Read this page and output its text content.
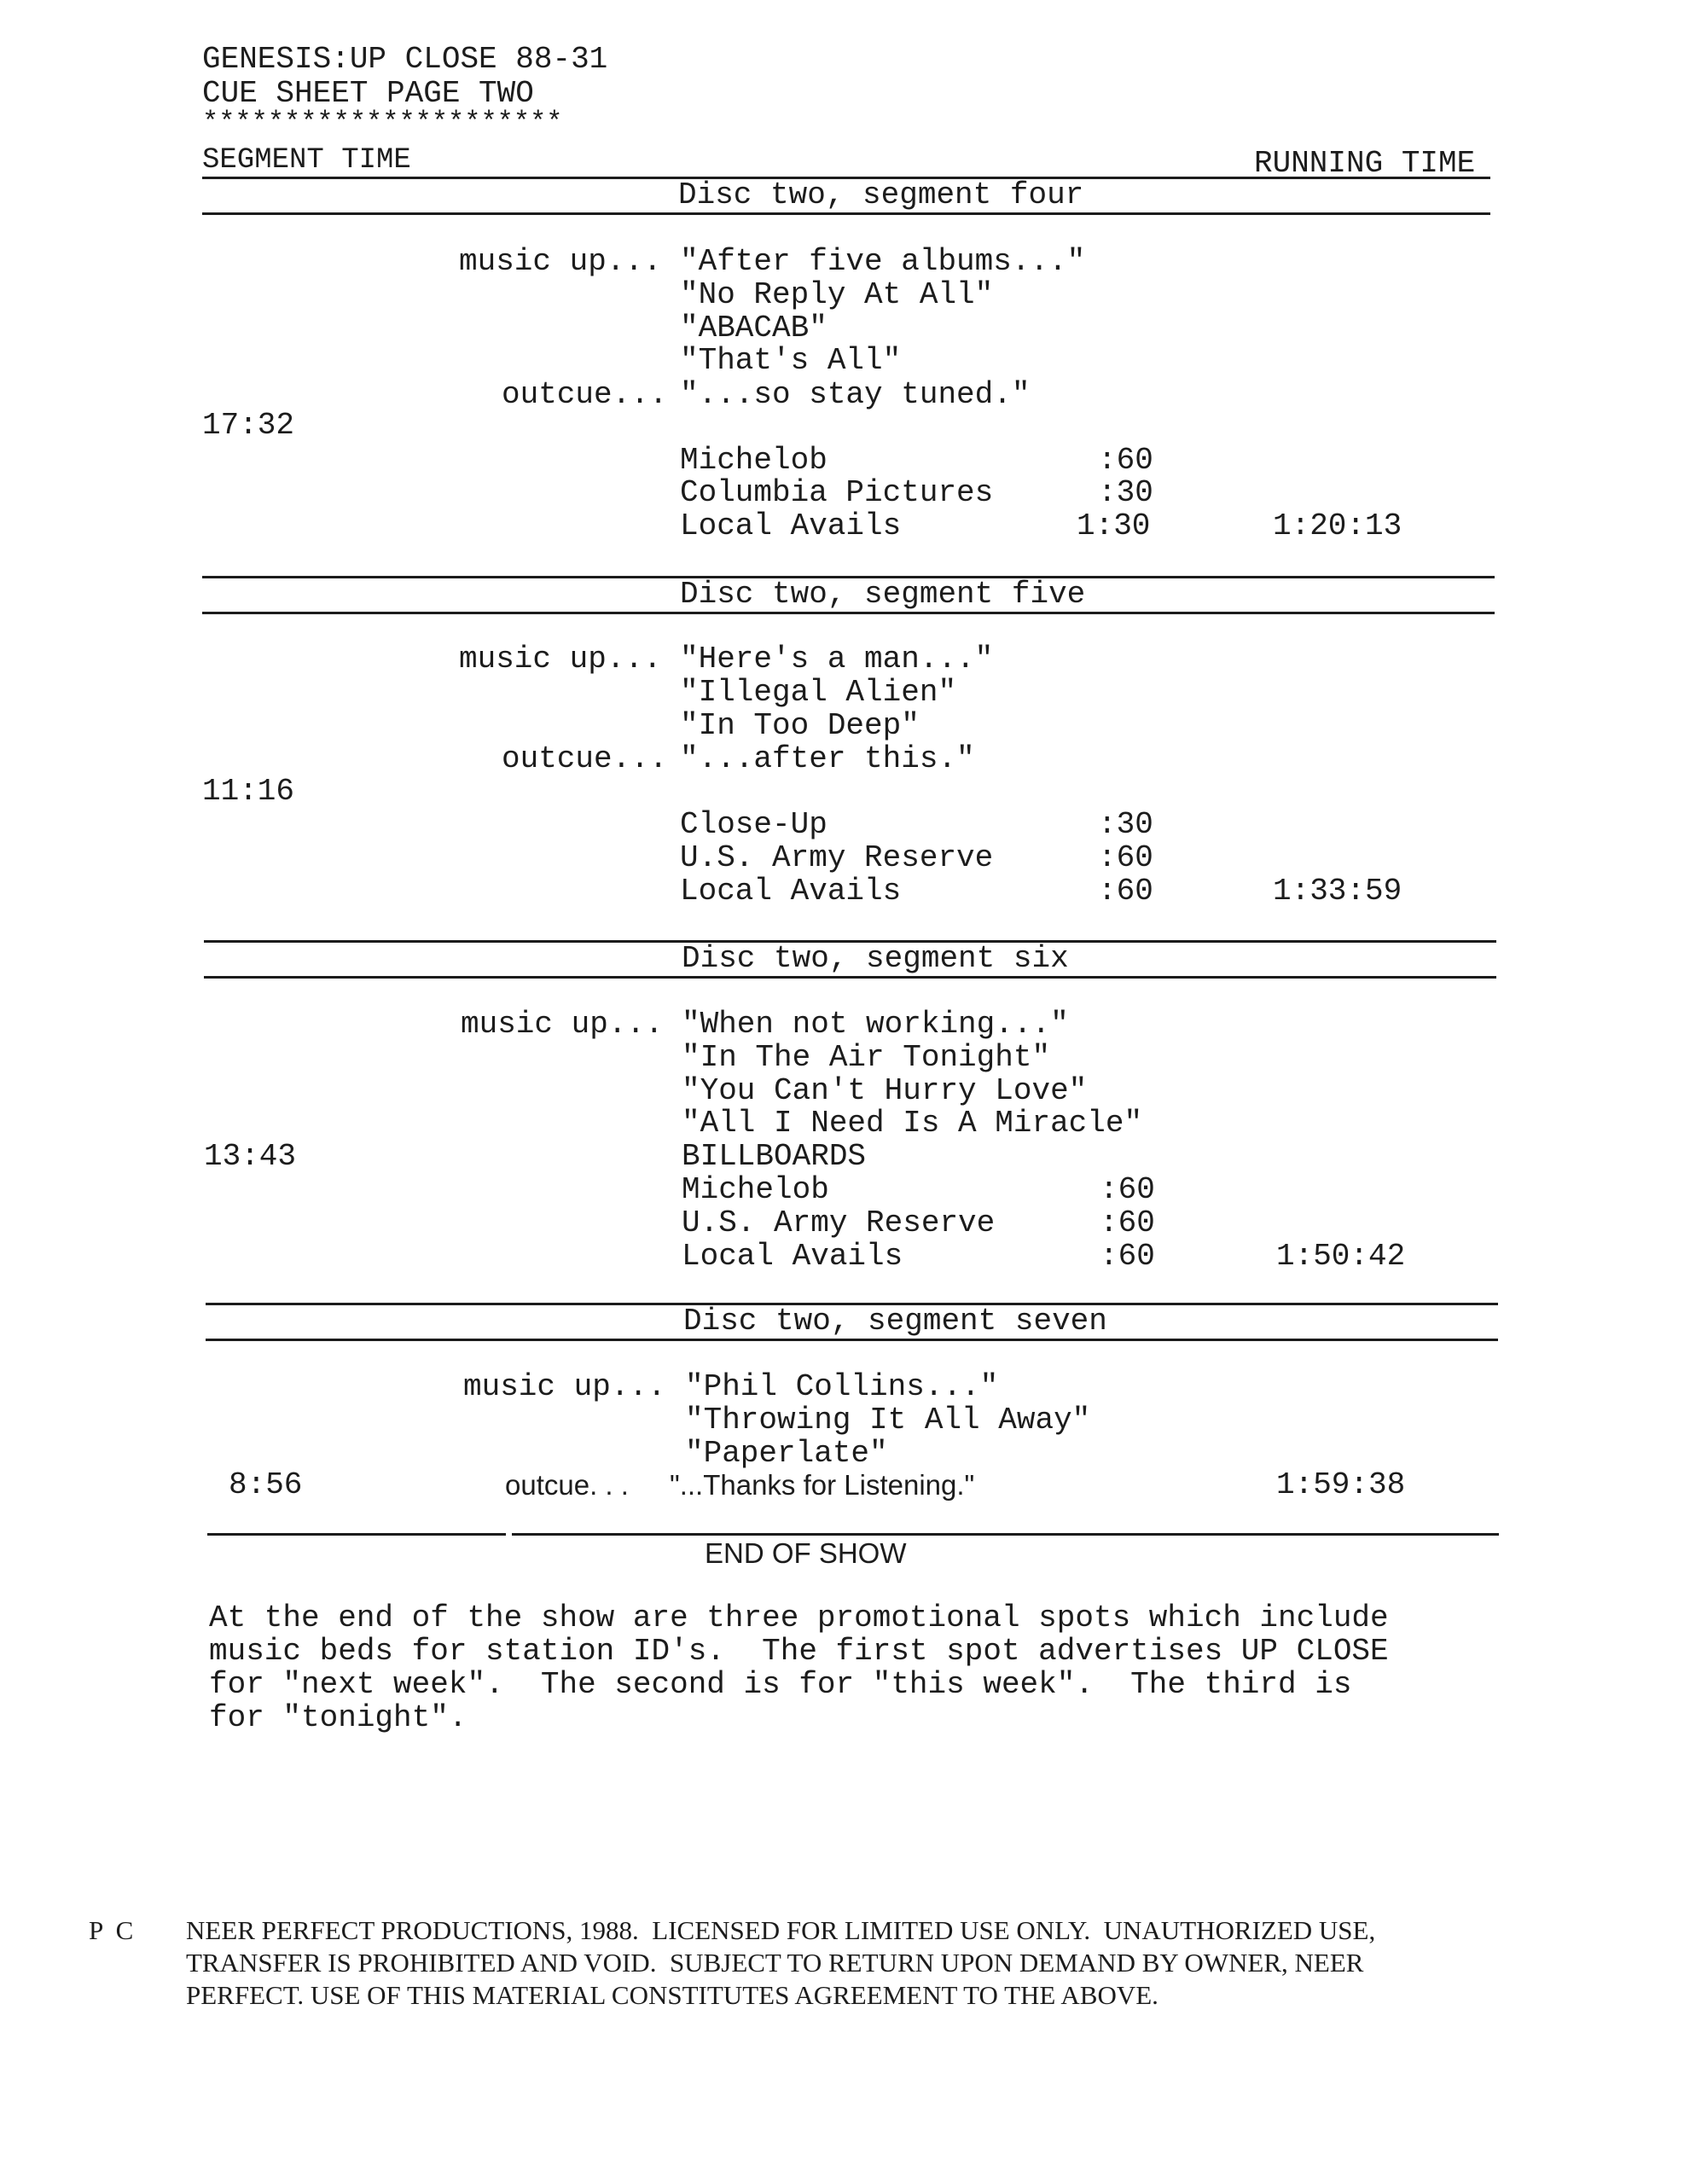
GENESIS:UP CLOSE 88-31
CUE SHEET PAGE TWO
**********************
SEGMENT TIME	RUNNING TIME
Disc two, segment four
music up... "After five albums..."
"No Reply At All"
"ABACAB"
"That's All"
outcue... "...so stay tuned."
17:32
Michelob	:60
Columbia Pictures	:30
Local Avails	1:30	1:20:13
Disc two, segment five
music up... "Here's a man..."
"Illegal Alien"
"In Too Deep"
outcue... "...after this."
11:16
Close-Up	:30
U.S. Army Reserve	:60
Local Avails	:60	1:33:59
Disc two, segment six
music up... "When not working..."
"In The Air Tonight"
"You Can't Hurry Love"
"All I Need Is A Miracle"
13:43	BILLBOARDS
Michelob	:60
U.S. Army Reserve	:60
Local Avails	:60	1:50:42
Disc two, segment seven
music up... "Phil Collins..."
"Throwing It All Away"
"Paperlate"
8:56	outcue. . . "...Thanks for Listening."	1:59:38
END OF SHOW
At the end of the show are three promotional spots which include
music beds for station ID's.  The first spot advertises UP CLOSE
for "next week".  The second is for "this week".  The third is
for "tonight".
P  C NEER PERFECT PRODUCTIONS, 1988.  LICENSED FOR LIMITED USE ONLY.  UNAUTHORIZED USE,
TRANSFER IS PROHIBITED AND VOID.  SUBJECT TO RETURN UPON DEMAND BY OWNER, NEER
PERFECT. USE OF THIS MATERIAL CONSTITUTES AGREEMENT TO THE ABOVE.
